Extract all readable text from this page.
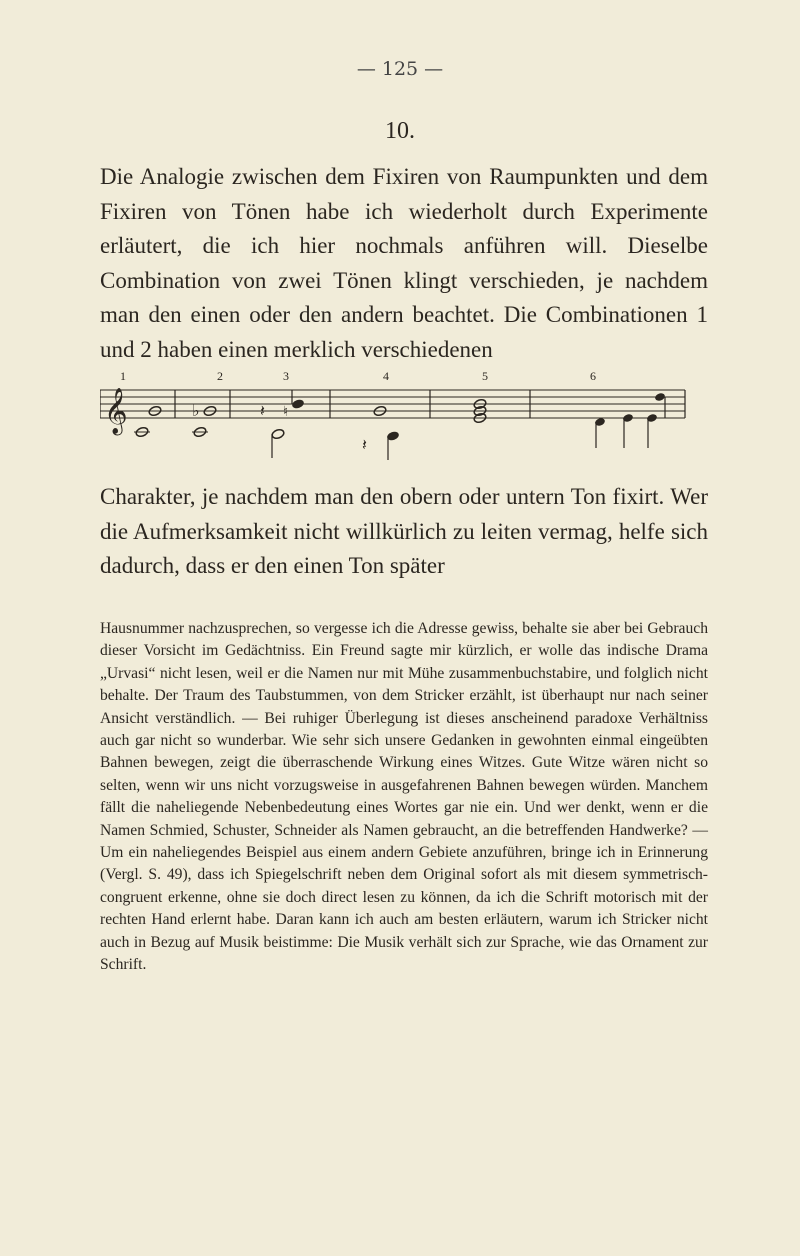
— 125 —
10.
Die Analogie zwischen dem Fixiren von Raumpunkten und dem Fixiren von Tönen habe ich wiederholt durch Experimente erläutert, die ich hier nochmals anführen will. Dieselbe Combination von zwei Tönen klingt verschieden, je nachdem man den einen oder den andern beachtet. Die Combinationen 1 und 2 haben einen merklich verschiedenen
1	2	3	4	5	6
𝄞	♭	𝄽 ♮
𝄽
Charakter, je nachdem man den obern oder untern Ton fixirt. Wer die Aufmerksamkeit nicht willkürlich zu leiten vermag, helfe sich dadurch, dass er den einen Ton später
Hausnummer nachzusprechen, so vergesse ich die Adresse gewiss, behalte sie aber bei Gebrauch dieser Vorsicht im Gedächtniss. Ein Freund sagte mir kürzlich, er wolle das indische Drama „Urvasi“ nicht lesen, weil er die Namen nur mit Mühe zusammenbuchstabire, und folglich nicht behalte. Der Traum des Taubstummen, von dem Stricker erzählt, ist überhaupt nur nach seiner Ansicht verständlich. — Bei ruhiger Überlegung ist dieses anscheinend paradoxe Verhältniss auch gar nicht so wunderbar. Wie sehr sich unsere Gedanken in gewohnten einmal eingeübten Bahnen bewegen, zeigt die überraschende Wirkung eines Witzes. Gute Witze wären nicht so selten, wenn wir uns nicht vorzugsweise in ausgefahrenen Bahnen bewegen würden. Manchem fällt die naheliegende Nebenbedeutung eines Wortes gar nie ein. Und wer denkt, wenn er die Namen Schmied, Schuster, Schneider als Namen gebraucht, an die betreffenden Handwerke? — Um ein naheliegendes Beispiel aus einem andern Gebiete anzuführen, bringe ich in Erinnerung (Vergl. S. 49), dass ich Spiegelschrift neben dem Original sofort als mit diesem symmetrisch-congruent erkenne, ohne sie doch direct lesen zu können, da ich die Schrift motorisch mit der rechten Hand erlernt habe. Daran kann ich auch am besten erläutern, warum ich Stricker nicht auch in Bezug auf Musik beistimme: Die Musik verhält sich zur Sprache, wie das Ornament zur Schrift.
